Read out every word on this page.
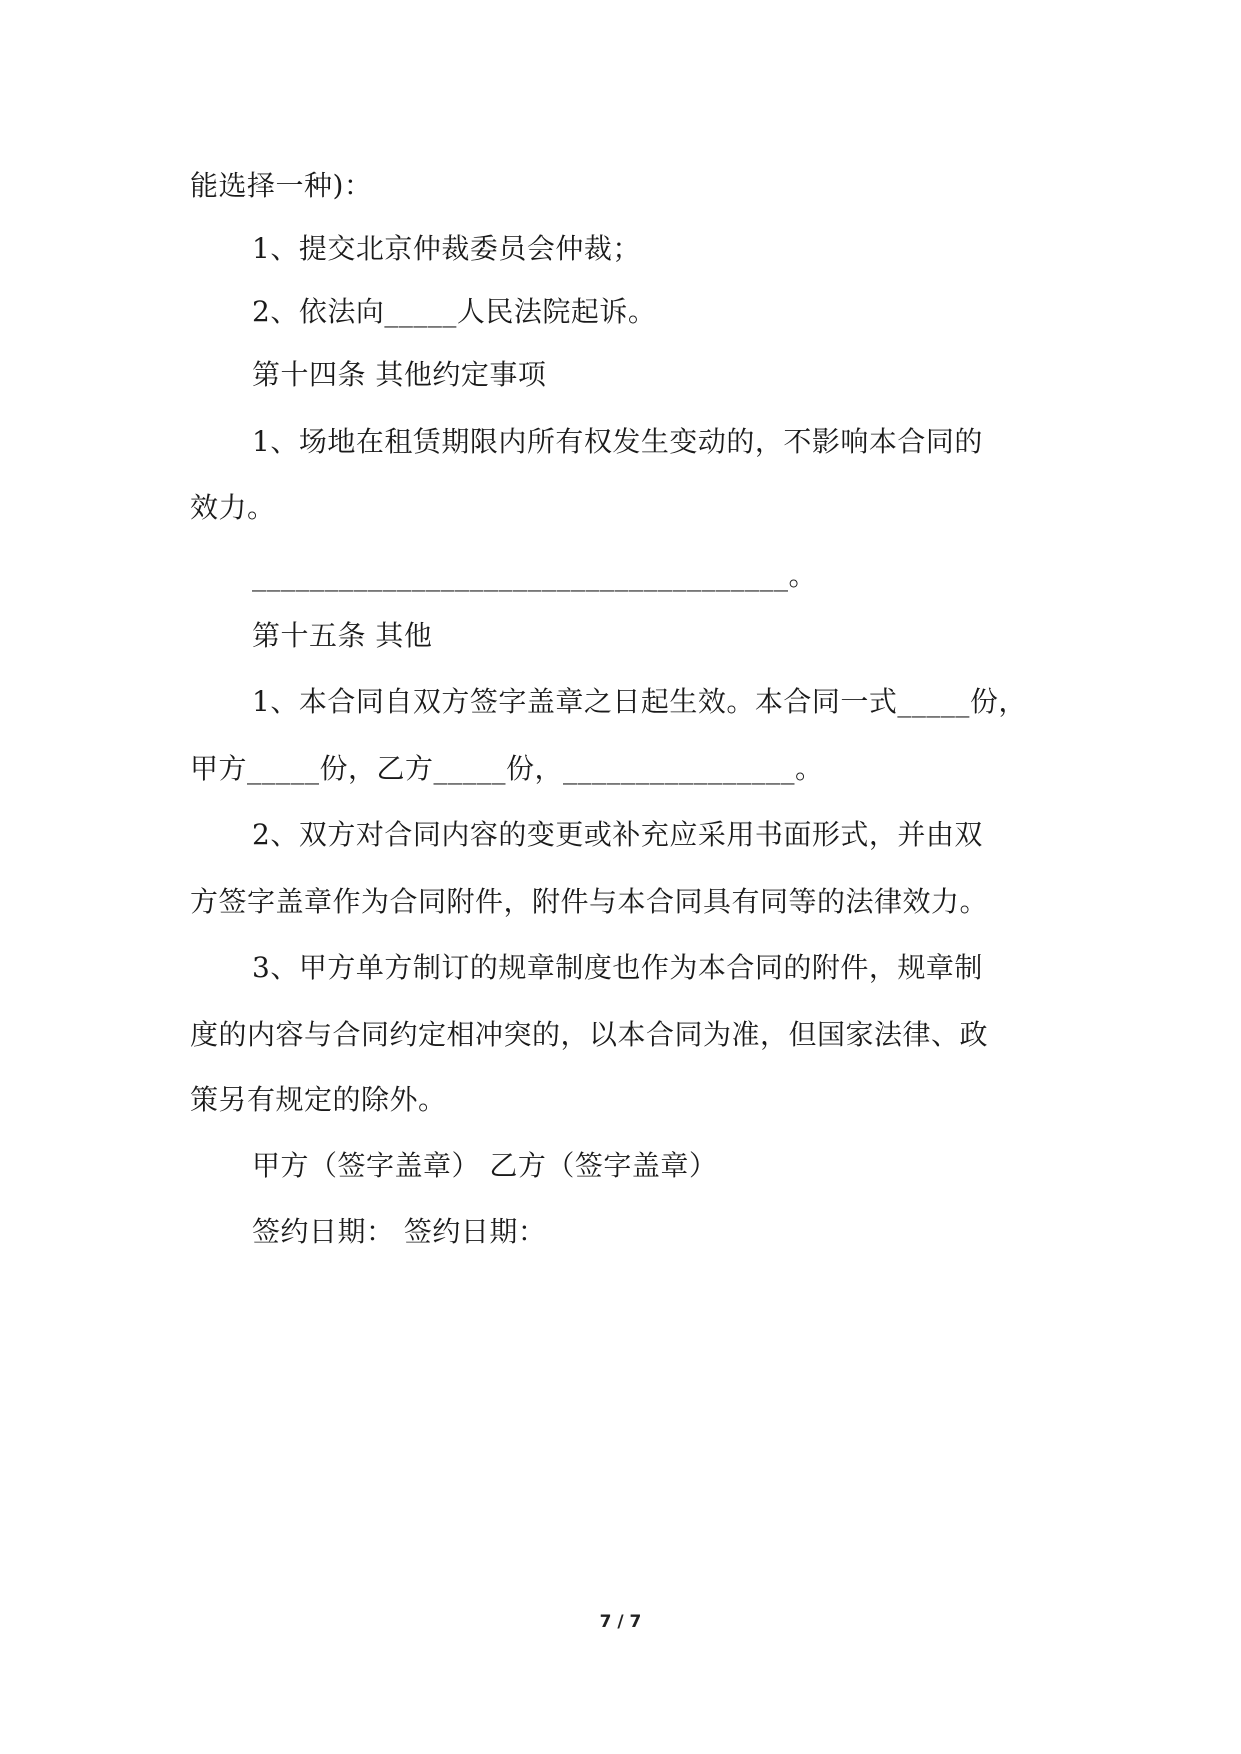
能选择一种)：
1、提交北京仲裁委员会仲裁；
2、依法向_____人民法院起诉。
第十四条 其他约定事项
1、场地在租赁期限内所有权发生变动的，不影响本合同的
效力。
_____________________________________。
第十五条 其他
1、本合同自双方签字盖章之日起生效。本合同一式_____份，
甲方_____份，乙方_____份，________________。
2、双方对合同内容的变更或补充应采用书面形式，并由双
方签字盖章作为合同附件，附件与本合同具有同等的法律效力。
3、甲方单方制订的规章制度也作为本合同的附件，规章制
度的内容与合同约定相冲突的，以本合同为准，但国家法律、政
策另有规定的除外。
甲方（签字盖章） 乙方（签字盖章）
签约日期： 签约日期：
7 / 7
